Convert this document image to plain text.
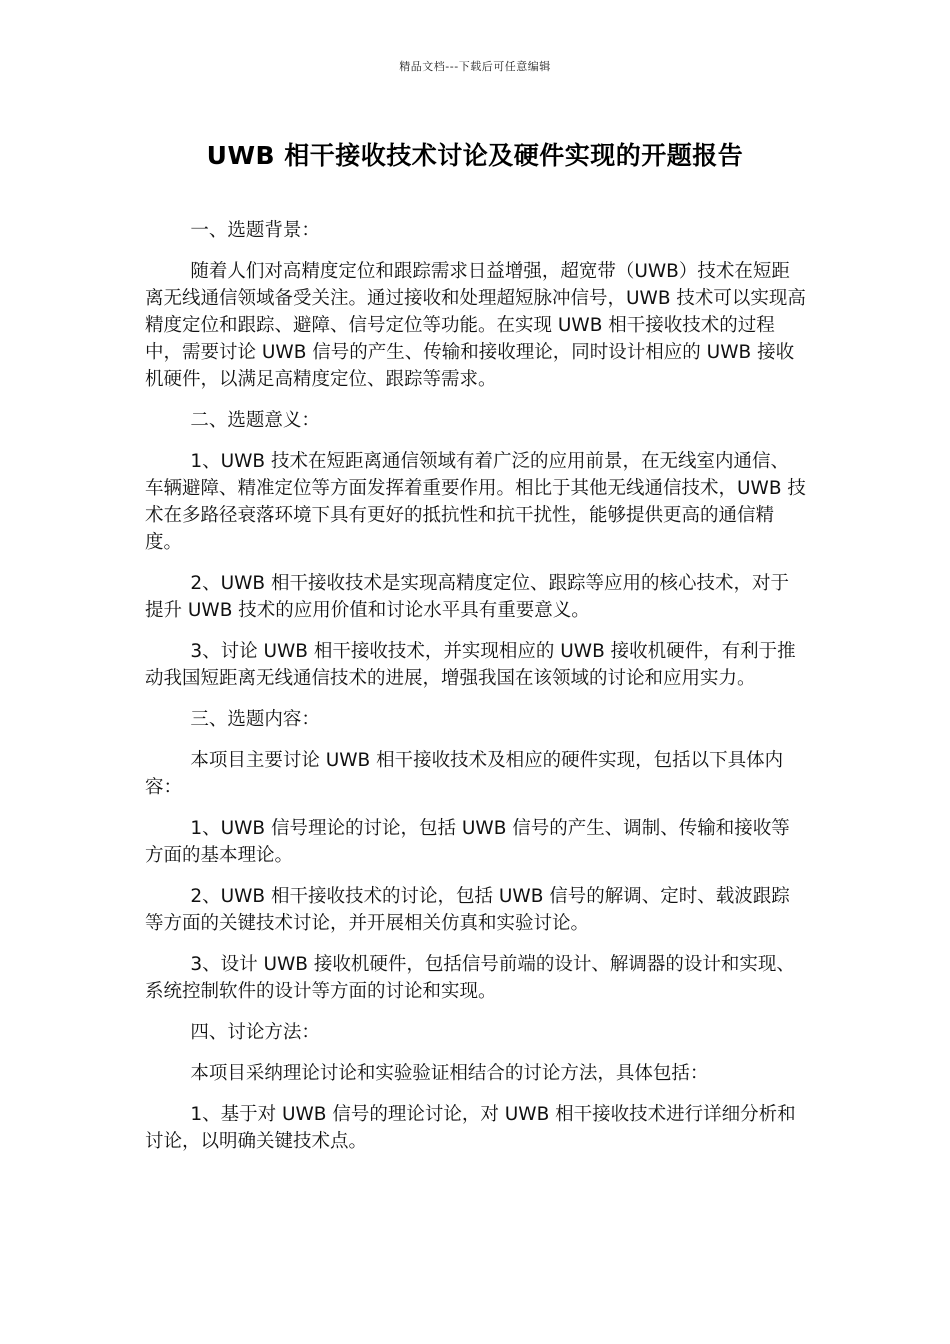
精品文档---下载后可任意编辑
UWB 相干接收技术讨论及硬件实现的开题报告

一、选题背景：

随着人们对高精度定位和跟踪需求日益增强，超宽带（UWB）技术在短距离无线通信领域备受关注。通过接收和处理超短脉冲信号，UWB 技术可以实现高精度定位和跟踪、避障、信号定位等功能。在实现 UWB 相干接收技术的过程中，需要讨论 UWB 信号的产生、传输和接收理论，同时设计相应的 UWB 接收机硬件，以满足高精度定位、跟踪等需求。

二、选题意义：

1、UWB 技术在短距离通信领域有着广泛的应用前景，在无线室内通信、车辆避障、精准定位等方面发挥着重要作用。相比于其他无线通信技术，UWB 技术在多路径衰落环境下具有更好的抵抗性和抗干扰性，能够提供更高的通信精度。

2、UWB 相干接收技术是实现高精度定位、跟踪等应用的核心技术，对于提升 UWB 技术的应用价值和讨论水平具有重要意义。

3、讨论 UWB 相干接收技术，并实现相应的 UWB 接收机硬件，有利于推动我国短距离无线通信技术的进展，增强我国在该领域的讨论和应用实力。

三、选题内容：

本项目主要讨论 UWB 相干接收技术及相应的硬件实现，包括以下具体内容：

1、UWB 信号理论的讨论，包括 UWB 信号的产生、调制、传输和接收等方面的基本理论。

2、UWB 相干接收技术的讨论，包括 UWB 信号的解调、定时、载波跟踪等方面的关键技术讨论，并开展相关仿真和实验讨论。

3、设计 UWB 接收机硬件，包括信号前端的设计、解调器的设计和实现、系统控制软件的设计等方面的讨论和实现。

四、讨论方法：

本项目采纳理论讨论和实验验证相结合的讨论方法，具体包括：

1、基于对 UWB 信号的理论讨论，对 UWB 相干接收技术进行详细分析和讨论，以明确关键技术点。
